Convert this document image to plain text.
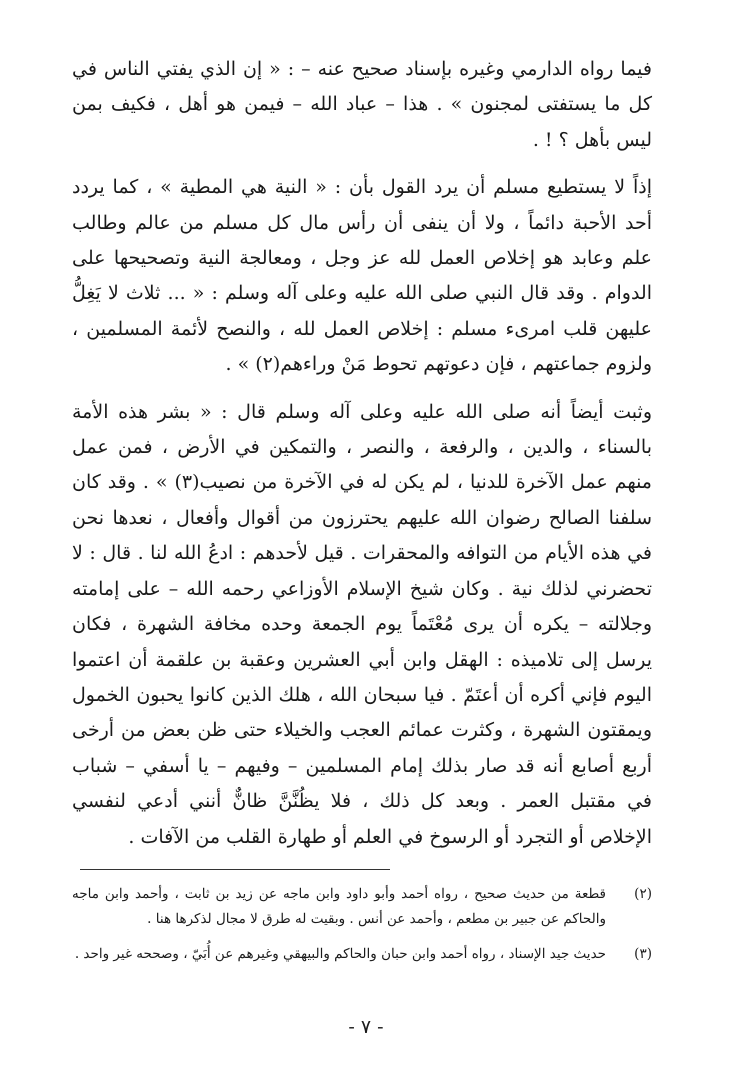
فيما رواه الدارمي وغيره بإسناد صحيح عنه – : « إن الذي يفتي الناس في كل ما يستفتى لمجنون » . هذا – عباد الله – فيمن هو أهل ، فكيف بمن ليس بأهل ؟ ! .

إذاً لا يستطيع مسلم أن يرد القول بأن : « النية هي المطية » ، كما يردد أحد الأحبة دائماً ، ولا أن ينفى أن رأس مال كل مسلم من عالم وطالب علم وعابد هو إخلاص العمل لله عز وجل ، ومعالجة النية وتصحيحها على الدوام . وقد قال النبي صلى الله عليه وعلى آله وسلم : « ... ثلاث لا يَغِلُّ عليهن قلب امرىء مسلم : إخلاص العمل لله ، والنصح لأئمة المسلمين ، ولزوم جماعتهم ، فإن دعوتهم تحوط مَنْ وراءهم(٢) » .

وثبت أيضاً أنه صلى الله عليه وعلى آله وسلم قال : « بشر هذه الأمة بالسناء ، والدين ، والرفعة ، والنصر ، والتمكين في الأرض ، فمن عمل منهم عمل الآخرة للدنيا ، لم يكن له في الآخرة من نصيب(٣) » . وقد كان سلفنا الصالح رضوان الله عليهم يحترزون من أقوال وأفعال ، نعدها نحن في هذه الأيام من التوافه والمحقرات . قيل لأحدهم : ادعُ الله لنا . قال : لا تحضرني لذلك نية . وكان شيخ الإسلام الأوزاعي رحمه الله – على إمامته وجلالته – يكره أن يرى مُعْتَماً يوم الجمعة وحده مخافة الشهرة ، فكان يرسل إلى تلاميذه : الهقل وابن أبي العشرين وعقبة بن علقمة أن اعتموا اليوم فإني أكره أن أعتَمّ . فيا سبحان الله ، هلك الذين كانوا يحبون الخمول ويمقتون الشهرة ، وكثرت عمائم العجب والخيلاء حتى ظن بعض من أرخى أربع أصابع أنه قد صار بذلك إمام المسلمين – وفيهم – يا أسفي – شباب في مقتبل العمر . وبعد كل ذلك ، فلا يظُنَّنَّ ظانٌّ أنني أدعي لنفسي الإخلاص أو التجرد أو الرسوخ في العلم أو طهارة القلب من الآفات .

(٢)
قطعة من حديث صحيح ، رواه أحمد وأبو داود وابن ماجه عن زيد بن ثابت ، وأحمد وابن ماجه والحاكم عن جبير بن مطعم ، وأحمد عن أنس . وبقيت له طرق لا مجال لذكرها هنا .
(٣)
حديث جيد الإسناد ، رواه أحمد وابن حبان والحاكم والبيهقي وغيرهم عن أُبَيّ ، وصححه غير واحد .
- ٧ -
